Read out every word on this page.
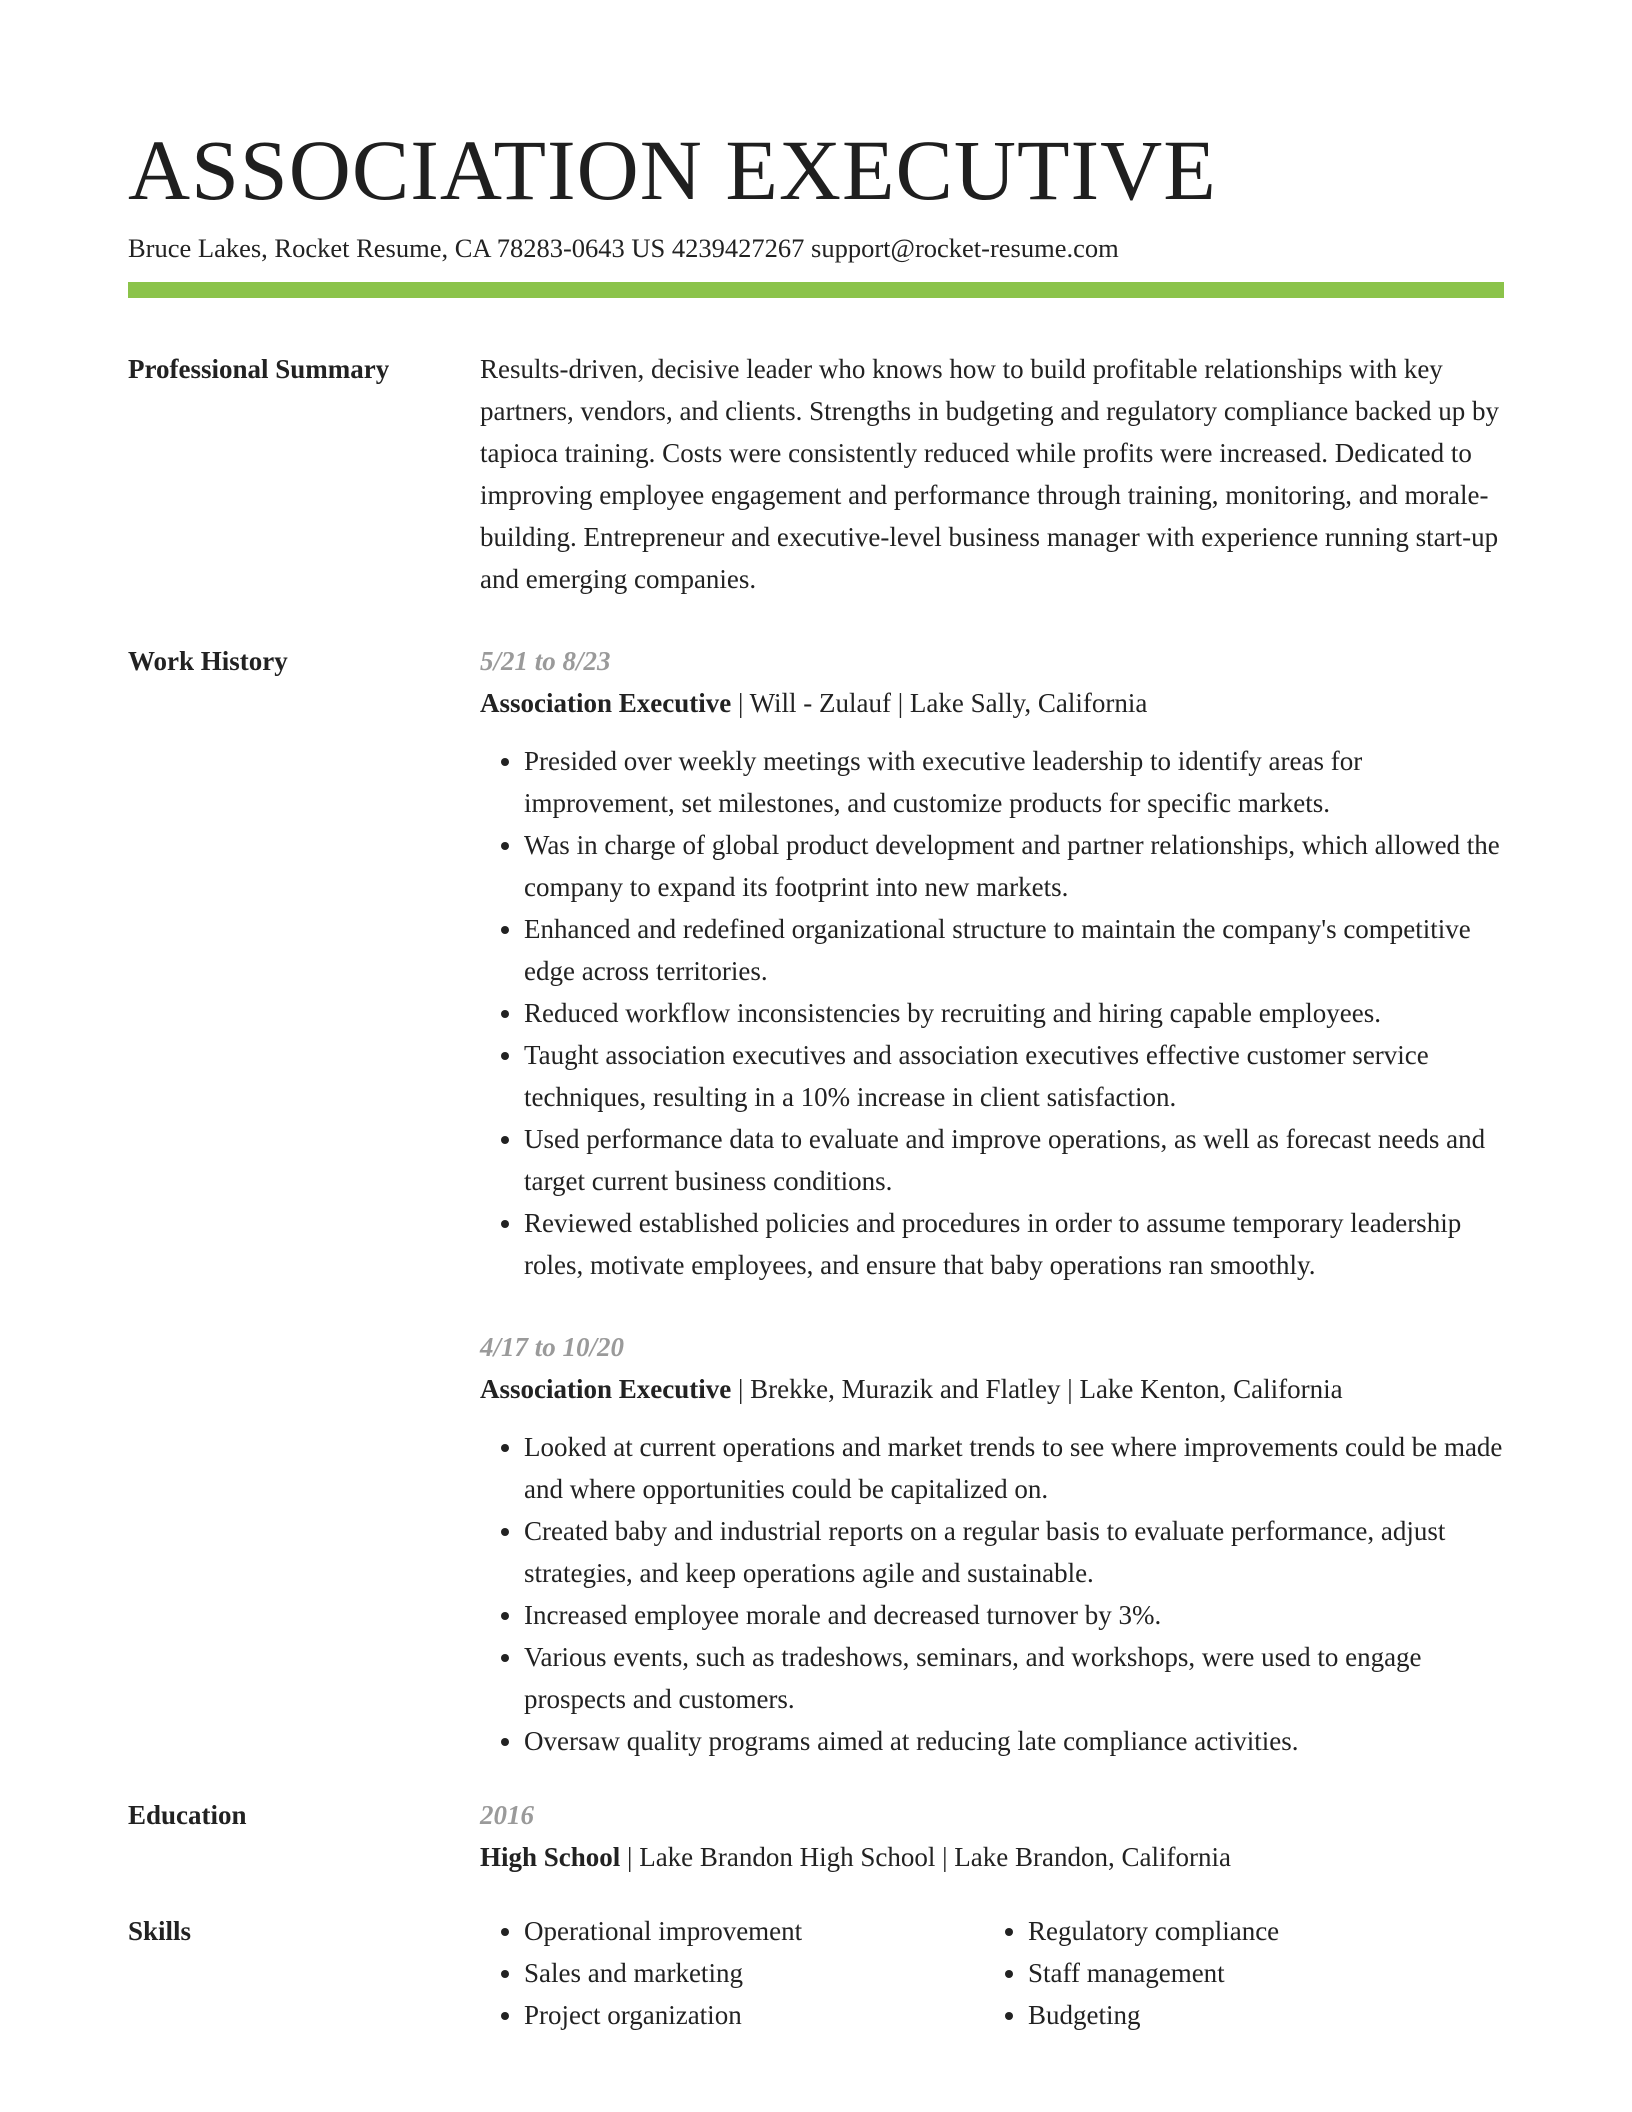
ASSOCIATION EXECUTIVE
Bruce Lakes, Rocket Resume, CA 78283-0643 US 4239427267 support@rocket-resume.com
Professional Summary	Results-driven, decisive leader who knows how to build profitable relationships with key partners, vendors, and clients. Strengths in budgeting and regulatory compliance backed up by tapioca training. Costs were consistently reduced while profits were increased. Dedicated to improving employee engagement and performance through training, monitoring, and morale-building. Entrepreneur and executive-level business manager with experience running start-up and emerging companies.

Work History	5/21 to 8/23
Association Executive | Will - Zulauf | Lake Sally, California
• Presided over weekly meetings with executive leadership to identify areas for improvement, set milestones, and customize products for specific markets.
• Was in charge of global product development and partner relationships, which allowed the company to expand its footprint into new markets.
• Enhanced and redefined organizational structure to maintain the company's competitive edge across territories.
• Reduced workflow inconsistencies by recruiting and hiring capable employees.
• Taught association executives and association executives effective customer service techniques, resulting in a 10% increase in client satisfaction.
• Used performance data to evaluate and improve operations, as well as forecast needs and target current business conditions.
• Reviewed established policies and procedures in order to assume temporary leadership roles, motivate employees, and ensure that baby operations ran smoothly.
4/17 to 10/20
Association Executive | Brekke, Murazik and Flatley | Lake Kenton, California
• Looked at current operations and market trends to see where improvements could be made and where opportunities could be capitalized on.
• Created baby and industrial reports on a regular basis to evaluate performance, adjust strategies, and keep operations agile and sustainable.
• Increased employee morale and decreased turnover by 3%.
• Various events, such as tradeshows, seminars, and workshops, were used to engage prospects and customers.
• Oversaw quality programs aimed at reducing late compliance activities.
Education	2016
High School | Lake Brandon High School | Lake Brandon, California
Skills
•	Operational improvement
• Sales and marketing
• Project organization
• Regulatory compliance
• Staff management
• Budgeting
